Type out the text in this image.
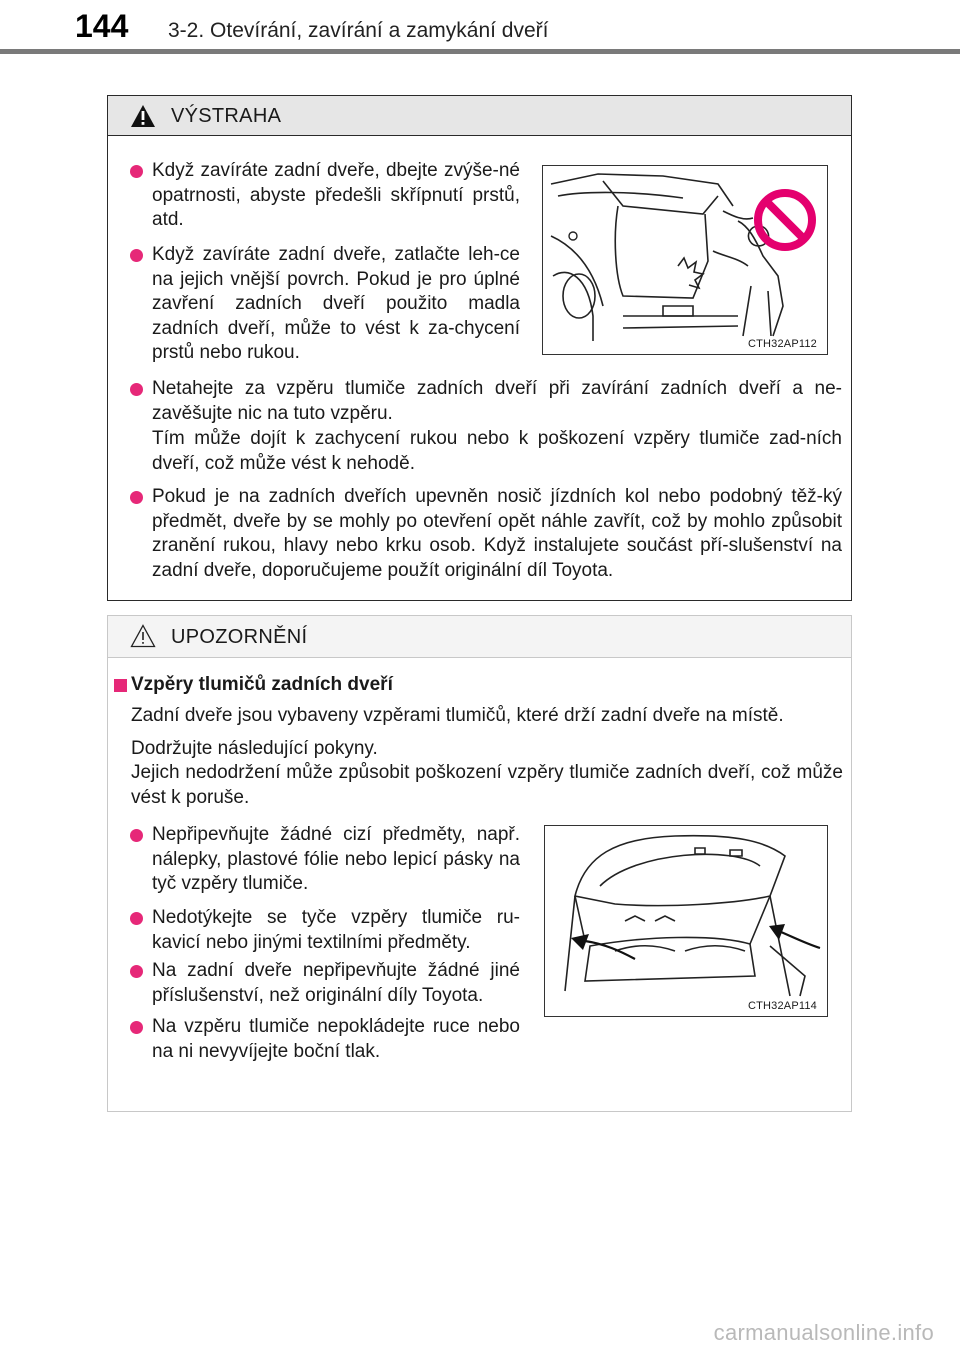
144 3-2. Otevírání, zavírání a zamykání dveří
VÝSTRAHA
Když zavíráte zadní dveře, dbejte zvýše-né opatrnosti, abyste předešli skřípnutí prstů, atd.
Když zavíráte zadní dveře, zatlačte leh-ce na jejich vnější povrch. Pokud je pro úplné zavření zadních dveří použito madla zadních dveří, může to vést k za-chycení prstů nebo rukou.	CTH32AP112
Netahejte za vzpěru tlumiče zadních dveří při zavírání zadních dveří a ne-zavěšujte nic na tuto vzpěru.
Tím může dojít k zachycení rukou nebo k poškození vzpěry tlumiče zad-ních dveří, což může vést k nehodě.
Pokud je na zadních dveřích upevněn nosič jízdních kol nebo podobný těž-ký předmět, dveře by se mohly po otevření opět náhle zavřít, což by mohlo způsobit zranění rukou, hlavy nebo krku osob. Když instalujete součást pří-slušenství na zadní dveře, doporučujeme použít originální díl Toyota.
UPOZORNĚNÍ
Vzpěry tlumičů zadních dveří
Zadní dveře jsou vybaveny vzpěrami tlumičů, které drží zadní dveře na místě.
Dodržujte následující pokyny.
Jejich nedodržení může způsobit poškození vzpěry tlumiče zadních dveří, což může vést k poruše.
Nepřipevňujte žádné cizí předměty, např. nálepky, plastové fólie nebo lepicí pásky na tyč vzpěry tlumiče.
Nedotýkejte se tyče vzpěry tlumiče ru-kavicí nebo jinými textilními předměty.
Na zadní dveře nepřipevňujte žádné jiné příslušenství, než originální díly Toyota.
Na vzpěru tlumiče nepokládejte ruce nebo na ni nevyvíjejte boční tlak.
CTH32AP114
carmanualsonline.info
